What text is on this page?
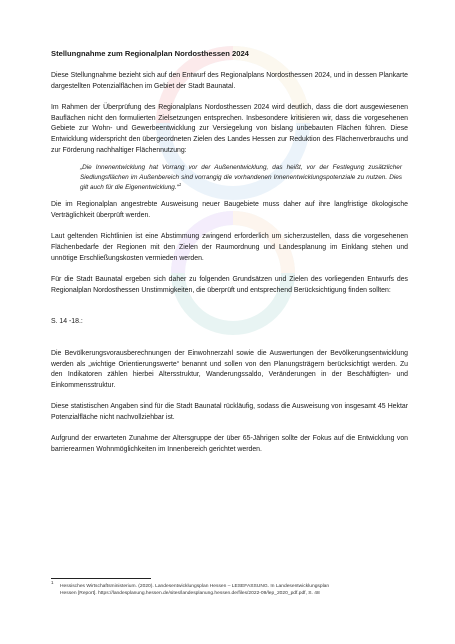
Stellungnahme zum Regionalplan Nordosthessen 2024

Diese Stellungnahme bezieht sich auf den Entwurf des Regionalplans Nordosthessen 2024, und in dessen Plankarte dargestellten Potenzialflächen im Gebiet der Stadt Baunatal.

Im Rahmen der Überprüfung des Regionalplans Nordosthessen 2024 wird deutlich, dass die dort ausgewiesenen Bauflächen nicht den formulierten Zielsetzungen entsprechen. Insbesondere kritisieren wir, dass die vorgesehenen Gebiete zur Wohn- und Gewerbeentwicklung zur Versiegelung von bislang unbebauten Flächen führen. Diese Entwicklung widerspricht den übergeordneten Zielen des Landes Hessen zur Reduktion des Flächenverbrauchs und zur Förderung nachhaltiger Flächennutzung:

„Die Innenentwicklung hat Vorrang vor der Außenentwicklung, das heißt, vor der Festlegung zusätzlicher Siedlungsflächen im Außenbereich sind vorrangig die vorhandenen Innenentwicklungspotenziale zu nutzen. Dies gilt auch für die Eigenentwicklung.“$^1$

Die im Regionalplan angestrebte Ausweisung neuer Baugebiete muss daher auf ihre langfristige ökologische Verträglichkeit überprüft werden.

Laut geltenden Richtlinien ist eine Abstimmung zwingend erforderlich um sicherzustellen, dass die vorgesehenen Flächenbedarfe der Regionen mit den Zielen der Raumordnung und Landesplanung im Einklang stehen und unnötige Erschließungskosten vermieden werden.

Für die Stadt Baunatal ergeben sich daher zu folgenden Grundsätzen und Zielen des vorliegenden Entwurfs des Regionalplan Nordosthessen Unstimmigkeiten, die überprüft und entsprechend Berücksichtigung finden sollten:

S. 14 -18.:

Die Bevölkerungsvorausberechnungen der Einwohnerzahl sowie die Auswertungen der Bevölkerungsentwicklung werden als „wichtige Orientierungswerte“ benannt und sollen von den Planungsträgern berücksichtigt werden. Zu den Indikatoren zählen hierbei Altersstruktur, Wanderungssaldo, Veränderungen in der Beschäftigten- und Einkommensstruktur.

Diese statistischen Angaben sind für die Stadt Baunatal rückläufig, sodass die Ausweisung von insgesamt 45 Hektar Potenzialfläche nicht nachvollziehbar ist.

Aufgrund der erwarteten Zunahme der Altersgruppe der über 65-Jährigen sollte der Fokus auf die Entwicklung von barrierearmen Wohnmöglichkeiten im Innenbereich gerichtet werden.

$^1$Hessisches Wirtschaftsministerium. (2020). Landesentwicklungsplan Hessen – LESEFASSUNG. In Landesentwicklungsplan
Hessen [Report]. https://landesplanung.hessen.de/sites/landesplanung.hessen.de/files/2022-09/lep_2020_pdf.pdf, S. 48
